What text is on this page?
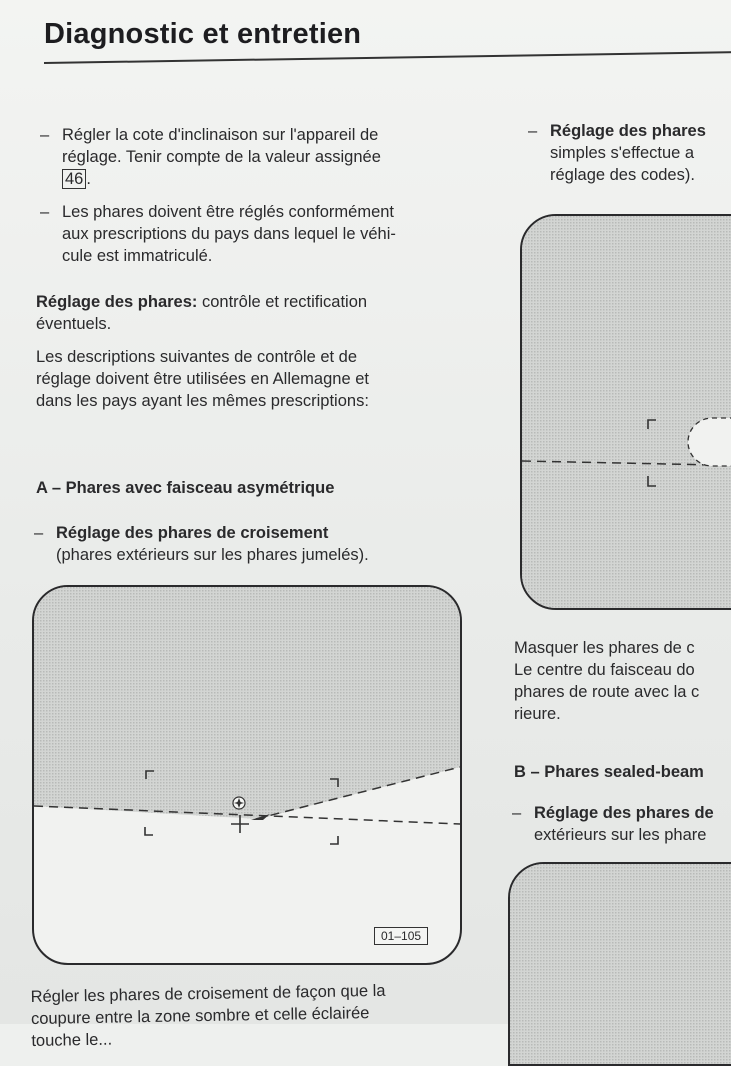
Diagnostic et entretien
– Régler la cote d'inclinaison sur l'appareil de
réglage. Tenir compte de la valeur assignée
46 .
– Les phares doivent être réglés conformément
aux prescriptions du pays dans lequel le véhi-
cule est immatriculé.
Réglage des phares: contrôle et rectification
éventuels.
Les descriptions suivantes de contrôle et de
réglage doivent être utilisées en Allemagne et
dans les pays ayant les mêmes prescriptions:
A – Phares avec faisceau asymétrique
– Réglage des phares de croisement
(phares extérieurs sur les phares jumelés).
01–105
Régler les phares de croisement de façon que la
coupure entre la zone sombre et celle éclairée
touche le...
– Réglage des phares
simples s'effectue a
réglage des codes).
Masquer les phares de c
Le centre du faisceau do
phares de route avec la c
rieure.
B – Phares sealed-beam
– Réglage des phares de
extérieurs sur les phare
